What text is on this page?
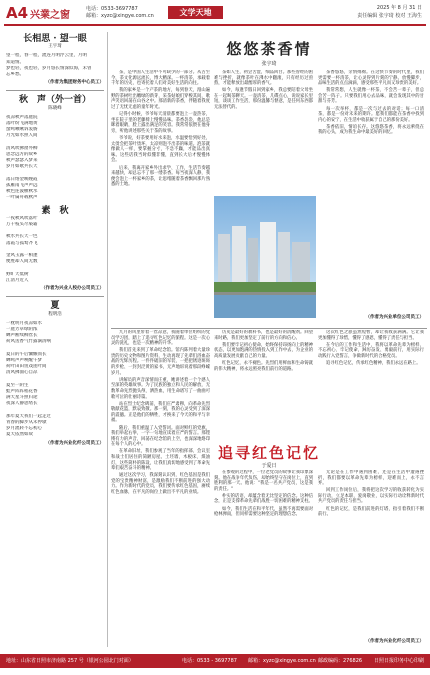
A4 兴業之窗
电话：0533-3697787
邮箱：xyzc@xingye.com.cn	文学天地	2025 年 8 月 31 日
责任编辑 张宇琦 校对 王海生
长相思 · 望一眼
王宇琦
望一程，春一程，流连月明浮云里，月明
知道情。
梦也轻，夜也轻，岁月悠长情深似海，未曾
忘乡愁。
（作者为集团财务中心员工）
秋　声（外一首）
陈晓峰
夜凉秋声落庭院
落叶纷飞满地黄
蛩鸣啾啾诉衷肠
月光如水照人间

清风吹拂窗外柳
思念远方的故乡
秋声瑟瑟入梦来
岁月如歌共长天

落日熔金映晚霞
孤雁南飞声声远
秋色连波横秋水
一叶扁舟载秋声
素　秋
一夜秋风吹落叶
万千枝头尽染霜

秋水共长天一色
落霞与孤鹜齐飞

金风玉露一相逢
便胜却人间无数

野旷天低树
江清月近人
（作者为兴业人校办公司员工）
夏
程明浩
一枕明月夜凉如水
一庭芳草绿阴浓
蝉声断续柳丝长
荷风送香气竹露滴清响

夏日的午后慵懒而长
蝉鸣声声唤醒午梦
荷叶田田鱼戏莲叶间
清风拂面心自凉

夏至一阴生
蛙声阵阵稻花香
满天星斗照归途
夜深人静思绪长

那年夏天我们一起走过
青春的脚步从未停歇
岁月流转不忘初心
夏天依然如故
（作者为兴业化纤公司员工）
悠悠茶香情
张宇琦

茶，是中国人生活中不可缺少的一部分。从古至今，茶文化源远流长，博大精深。一杯清茶，承载着千年的历史，也寄托着人们对美好生活的向往。

我的家乡是一个产茶的地方，每到春天，漫山遍野的茶树吐出嫩绿的新芽，采茶姑娘们穿梭其间，歌声笑语回荡在山谷之中。那清新的茶香，伴随着我度过了无忧无虑的童年时光。

记得小时候，爷爷每天清晨都要泡上一壶热茶，坐在院子里的老藤椅上慢慢品味。茶香袅袅，他总是眯着眼睛，脸上露出满足的笑容。我常常依偎在他身旁，听他讲述那些关于茶的故事。

爷爷说，好茶要用好水来泡，水温要恰到好处，太烫会把茶叶烫坏，太凉则泡不出茶的味道。泡茶就像做人一样，要掌握分寸，不急不躁，才能品出真味。这些话我当时似懂非懂，直到长大后才慢慢体会。

后来，我离开家乡外出求学、工作，生活节奏越来越快，却总忘不了那一缕茶香。每当夜深人静，我便会泡上一杯家乡的茶，让思绪随着茶香飘回那片熟悉的土地。

茶如人生，初尝苦涩，细品回甘。那些曾经的困难与挫折，就像茶叶在沸水中翻滚，只有经历过煎熬，才能释放出最醇厚的香气。

如今，每逢节假日回到家乡，我总要陪着父母坐在一起喝茶聊天。一壶清茶，几碟点心，说说家长里短，谈谈工作生活，那份温馨与惬意，是任何东西都无法替代的。

茶香悠悠，亲情绵绵。在这快节奏的时代里，我们更需要一杯清茶，让心灵得到片刻的宁静。放慢脚步，品味生活的点点滴滴，感受那些平凡而又珍贵的美好。

我常常想，人生就像一杯茶，不会苦一辈子，但总会苦一阵子。只要我们用心去品味，就会发现其中的甘甜与芬芳。

每一次举杯，都是一次与过去的对话；每一口清茶，都是一份对未来的期许。愿我们都能在茶香中找到内心的安宁，在生活中收获属于自己的那份美好。

茶香依旧，情谊长存。这悠悠茶香，将永远萦绕在我的心头，成为我生命中最美好的回忆。

（作者为兴业单位公司员工）

九月的风里带着一丝凉意，我随着单位组织的党员学习团，踏上了追寻红色记忆的旅程。这是一次心灵的洗礼，也是一次精神的升华。

我们首先来到了革命纪念馆。馆内陈列着大量珍贵的历史文物和图片资料，生动再现了先辈们浴血奋战的光辉历程。一件件破旧的军装、一把把锈迹斑斑的步枪、一封封泛黄的家书，无声地诉说着那段峥嵘岁月。

讲解员的声音深情而庄重，她讲述着一个个感人至深的英雄故事。为了民族的独立和人民的解放，无数革命先烈抛头颅、洒热血，用生命谱写了一曲曲可歌可泣的壮丽诗篇。

站在烈士纪念碑前，我们庄严肃穆，向革命先烈敬献花篮，默哀致敬。那一刻，我的心灵受到了深深的震撼。正是他们的牺牲，才换来了今天的和平与幸福。

随后，我们重温了入党誓词。面对鲜红的党旗，我们举起右拳，一字一句地宣读着庄严的誓言。那铿锵有力的声音，回荡在纪念馆的上空，也深深地烙印在每个人的心中。

在革命旧址，我们参观了当年的指挥部、会议室和战士们居住的简陋房屋。土坯墙、木板床、煤油灯，这些简朴的陈设，让我们真切地感受到了革命先辈们艰苦奋斗的精神。

通过这次学习，我深刻认识到，红色基因是我们党的宝贵精神财富，是激励我们不断前进的强大动力。作为新时代的党员，我们要传承红色基因，赓续红色血脉，在平凡的岗位上做出不平凡的业绩。

历史是最好的教科书，也是最好的清醒剂。回望来时路，我们更加坚定了前行的方向和信心。

我们要牢记初心使命，始终保持昂扬向上的精神状态，以更加饱满的热情投入到工作中去，为企业的高质量发展贡献自己的力量。

红色记忆，永不褪色。先烈们用鲜血和生命铸就的伟大精神，将永远照亮我们前行的道路。

这次红色之旅虽然短暂，却让我收获满满。它让我更加懂得了珍惜，懂得了感恩，懂得了责任与担当。

在今后的工作和生活中，我将以革命先辈为榜样，不忘初心、牢记使命，踔厉奋发、勇毅前行，用实际行动践行入党誓言，争做新时代的合格党员。

追寻红色记忆，传承红色精神，我们永远在路上。

追寻红色记忆
于爱日

在参观的过程中，一位老党员的故事让我印象深刻。他在战争年代负伤，却始终坚守在岗位上，直到胜利的那一天。他说："我是一名共产党员，这是我的责任。"

朴实的话语，却蕴含着无比坚定的信念。这种信念，正是支撑革命先辈们战胜一切困难的精神支柱。

如今，我们生活在和平年代，虽然不再需要面对枪林弹雨，但同样需要这种坚定的理想信念。

无论是在工作中遇到困难，还是在生活中遭遇挫折，我们都要以革命先辈为榜样，迎难而上，永不言弃。

回到工作岗位后，我将把这次学习的收获转化为实际行动，立足本职、爱岗敬业，以实际行动诠释新时代共产党员的责任与担当。

红色的记忆，是我们前进的灯塔，指引着我们不断前行。

（作者为兴业化纤公司员工）
地址：山东省日照市济南路 257 号（银河公园北门对面）	电话：0533 - 3697787 邮箱：xyzc@xingye.com.cn 邮政编码：276826 日照日报印务中心印刷
